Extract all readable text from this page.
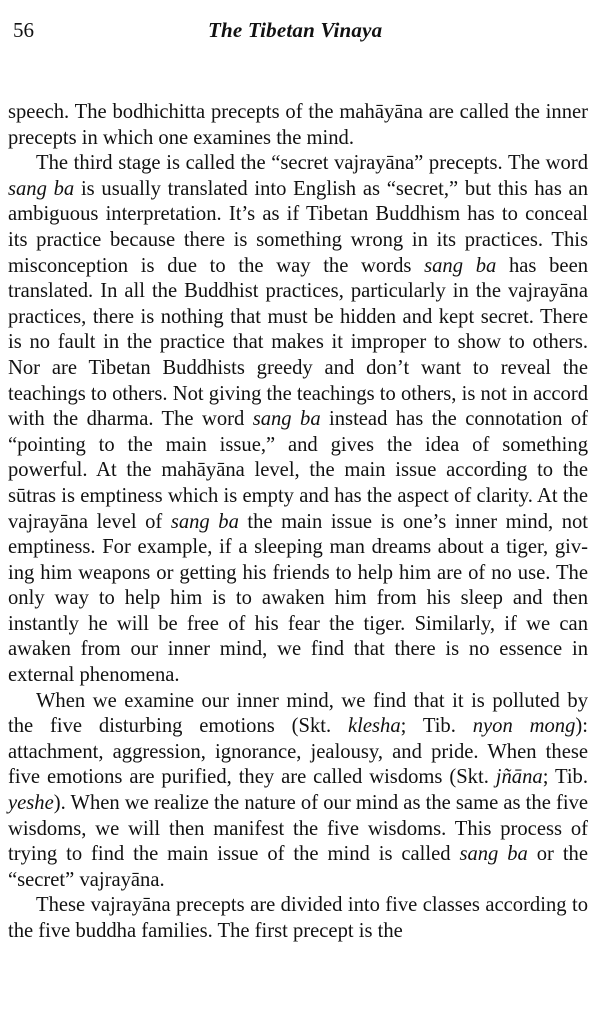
56	The Tibetan Vinaya

speech. The bodhichitta precepts of the mahāyāna are called the inner precepts in which one examines the mind.

The third stage is called the “secret vajrayāna” precepts. The word sang ba is usually translated into English as “secret,” but this has an ambiguous interpretation. It’s as if Tibetan Buddhism has to conceal its practice because there is something wrong in its practices. This misconception is due to the way the words sang ba has been translated. In all the Buddhist practices, particularly in the vajrayāna practices, there is nothing that must be hidden and kept secret. There is no fault in the practice that makes it improper to show to others. Nor are Tibetan Buddhists greedy and don’t want to reveal the teachings to others. Not giving the teachings to others, is not in accord with the dharma. The word sang ba instead has the connotation of “pointing to the main issue,” and gives the idea of something powerful. At the mahāyāna level, the main issue according to the sūtras is emptiness which is empty and has the aspect of clarity. At the vajrayāna level of sang ba the main issue is one’s inner mind, not emptiness. For example, if a sleeping man dreams about a tiger, giving him weapons or getting his friends to help him are of no use. The only way to help him is to awaken him from his sleep and then instantly he will be free of his fear the tiger. Similarly, if we can awaken from our inner mind, we find that there is no essence in external phenomena.

When we examine our inner mind, we find that it is polluted by the five disturbing emotions (Skt. klesha; Tib. nyon mong): attachment, aggression, ignorance, jealousy, and pride. When these five emotions are purified, they are called wisdoms (Skt. jñāna; Tib. yeshe). When we realize the nature of our mind as the same as the five wisdoms, we will then manifest the five wisdoms. This process of trying to find the main issue of the mind is called sang ba or the “secret” vajrayāna.

These vajrayāna precepts are divided into five classes according to the five buddha families. The first precept is the
